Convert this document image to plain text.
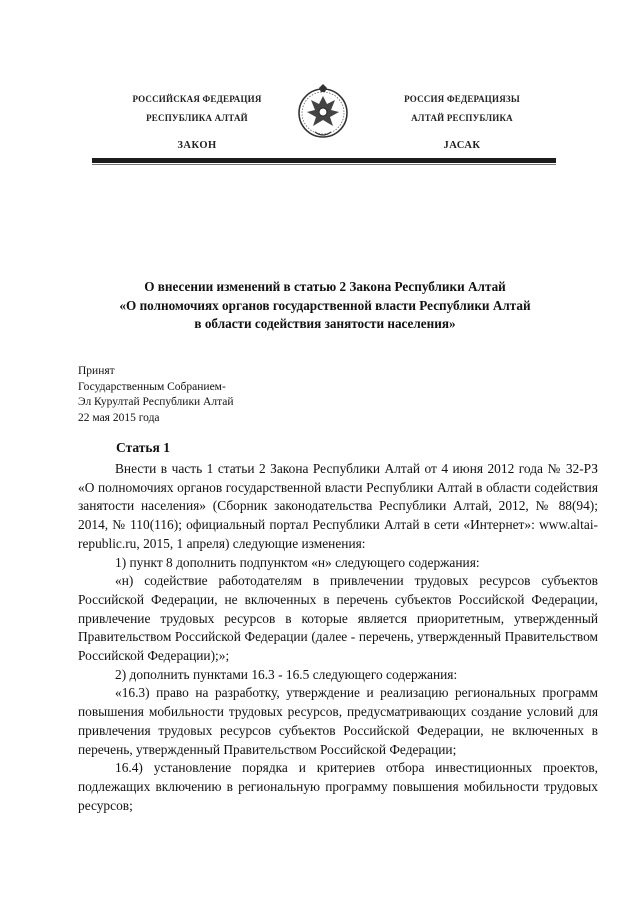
РОССИЙСКАЯ ФЕДЕРАЦИЯ
РЕСПУБЛИКА АЛТАЙ
ЗАКОН
РОССИЯ ФЕДЕРАЦИЯЗЫ
АЛТАЙ РЕСПУБЛИКА
JАСАК
О внесении изменений в статью 2 Закона Республики Алтай
«О полномочиях органов государственной власти Республики Алтай
в области содействия занятости населения»
Принят
Государственным Собранием-
Эл Курултай Республики Алтай
22 мая 2015 года
Статья 1

Внести в часть 1 статьи 2 Закона Республики Алтай от 4 июня 2012 года № 32-РЗ «О полномочиях органов государственной власти Республики Алтай в области содействия занятости населения» (Сборник законодательства Республики Алтай, 2012, № 88(94); 2014, № 110(116); официальный портал Республики Алтай в сети «Интернет»: www.altai-republic.ru, 2015, 1 апреля) следующие изменения:

1) пункт 8 дополнить подпунктом «н» следующего содержания:

«н) содействие работодателям в привлечении трудовых ресурсов субъектов Российской Федерации, не включенных в перечень субъектов Российской Федерации, привлечение трудовых ресурсов в которые является приоритетным, утвержденный Правительством Российской Федерации (далее - перечень, утвержденный Правительством Российской Федерации);»;

2) дополнить пунктами 16.3 - 16.5 следующего содержания:

«16.3) право на разработку, утверждение и реализацию региональных программ повышения мобильности трудовых ресурсов, предусматривающих создание условий для привлечения трудовых ресурсов субъектов Российской Федерации, не включенных в перечень, утвержденный Правительством Российской Федерации;

16.4) установление порядка и критериев отбора инвестиционных проектов, подлежащих включению в региональную программу повышения мобильности трудовых ресурсов;
